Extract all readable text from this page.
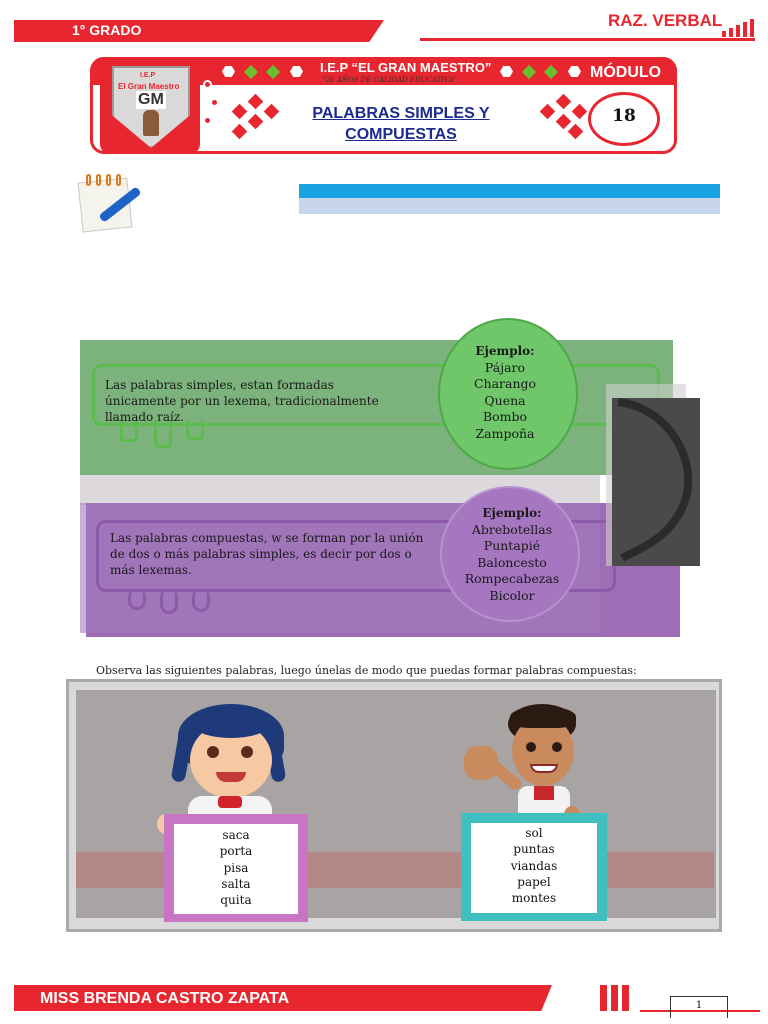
1° GRADO	RAZ. VERBAL
I.E.P “EL GRAN MAESTRO”
“26 AÑOS DE CALIDAD EDUCATIVA”	MÓDULO
I.E.P
El Gran Maestro
GM
PALABRAS SIMPLES Y
COMPUESTAS
18
Las palabras simples, estan formadas únicamente por un lexema, tradicionalmente llamado raíz.
Ejemplo:
Pájaro
Charango
Quena
Bombo
Zampoña
Las palabras compuestas, w se forman por la unión de dos o más palabras simples, es decir por dos o más lexemas.
Ejemplo:
Abrebotellas
Puntapié
Baloncesto
Rompecabezas
Bicolor
Observa las siguientes palabras, luego únelas de modo que puedas formar palabras compuestas:
saca
porta
pisa
salta
quita
sol
puntas
viandas
papel
montes
MISS BRENDA CASTRO ZAPATA	1
